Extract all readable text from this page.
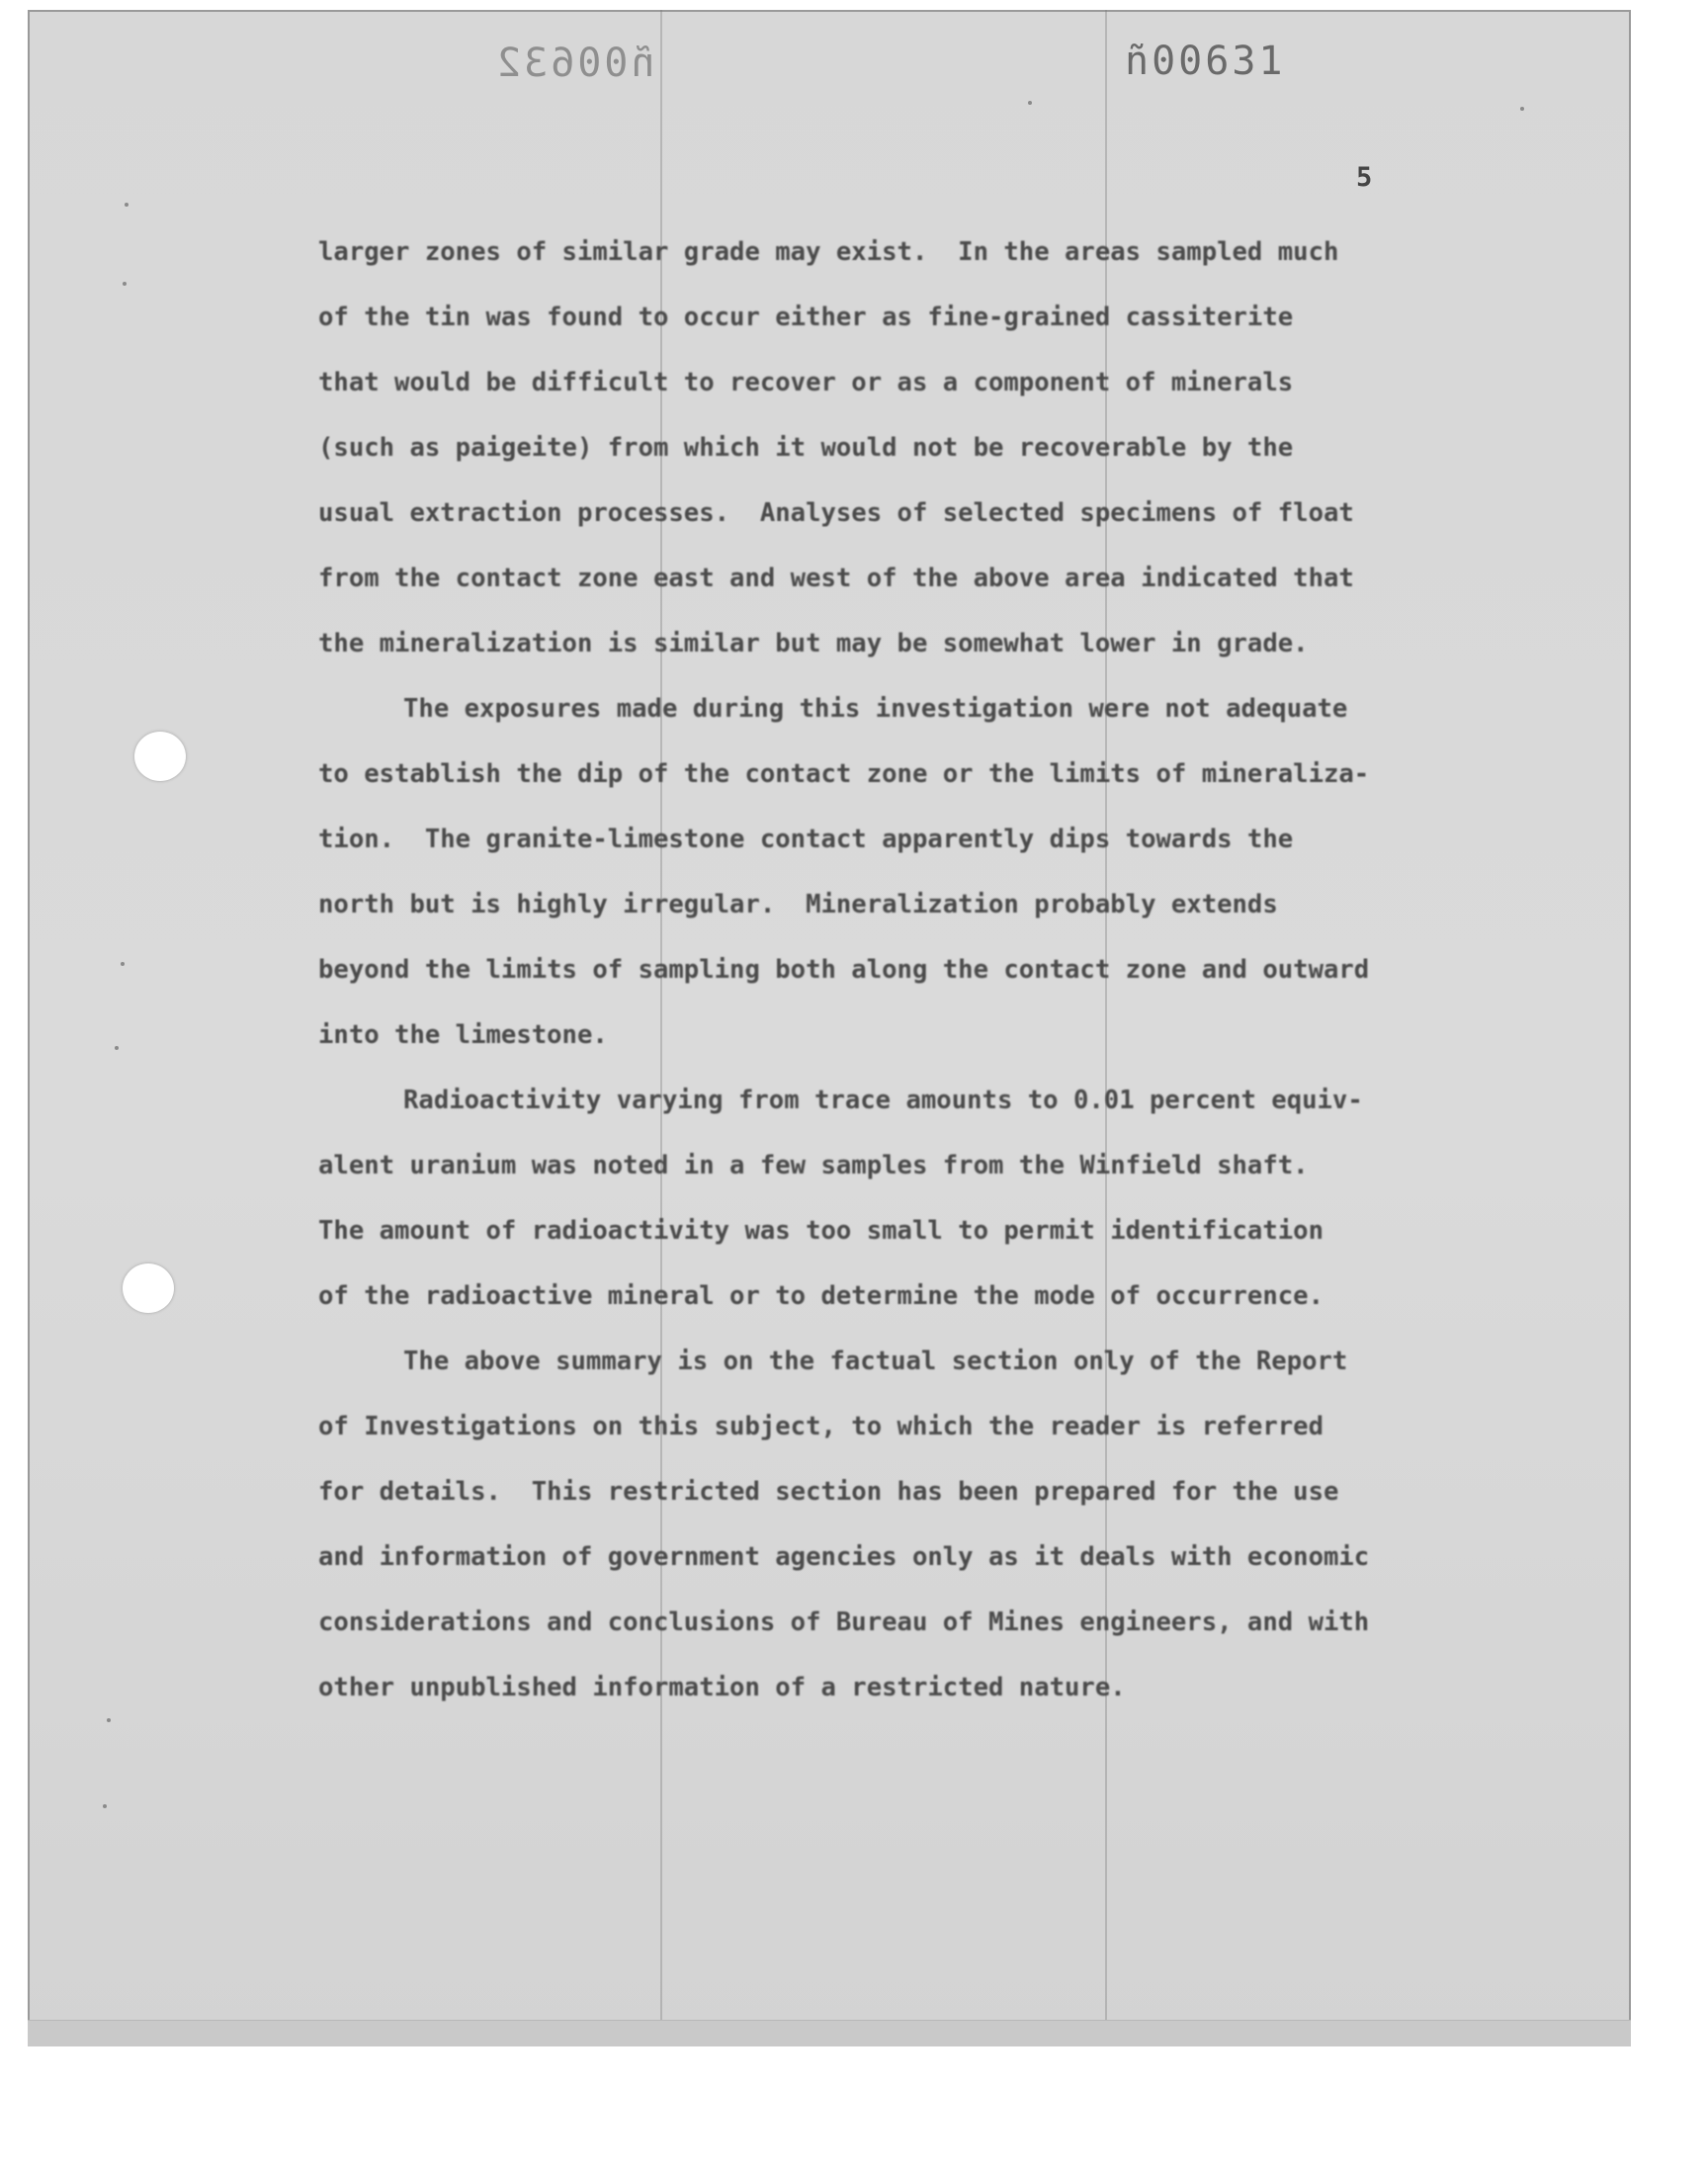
ñ00632	ñ00631
5

larger zones of similar grade may exist.  In the areas sampled much
of the tin was found to occur either as fine-grained cassiterite
that would be difficult to recover or as a component of minerals
(such as paigeite) from which it would not be recoverable by the
usual extraction processes.  Analyses of selected specimens of float
from the contact zone east and west of the above area indicated that
the mineralization is similar but may be somewhat lower in grade.

The exposures made during this investigation were not adequate
to establish the dip of the contact zone or the limits of mineraliza-
tion.  The granite-limestone contact apparently dips towards the
north but is highly irregular.  Mineralization probably extends
beyond the limits of sampling both along the contact zone and outward
into the limestone.

Radioactivity varying from trace amounts to 0.01 percent equiv-
alent uranium was noted in a few samples from the Winfield shaft.
The amount of radioactivity was too small to permit identification
of the radioactive mineral or to determine the mode of occurrence.

The above summary is on the factual section only of the Report
of Investigations on this subject, to which the reader is referred
for details.  This restricted section has been prepared for the use
and information of government agencies only as it deals with economic
considerations and conclusions of Bureau of Mines engineers, and with
other unpublished information of a restricted nature.
